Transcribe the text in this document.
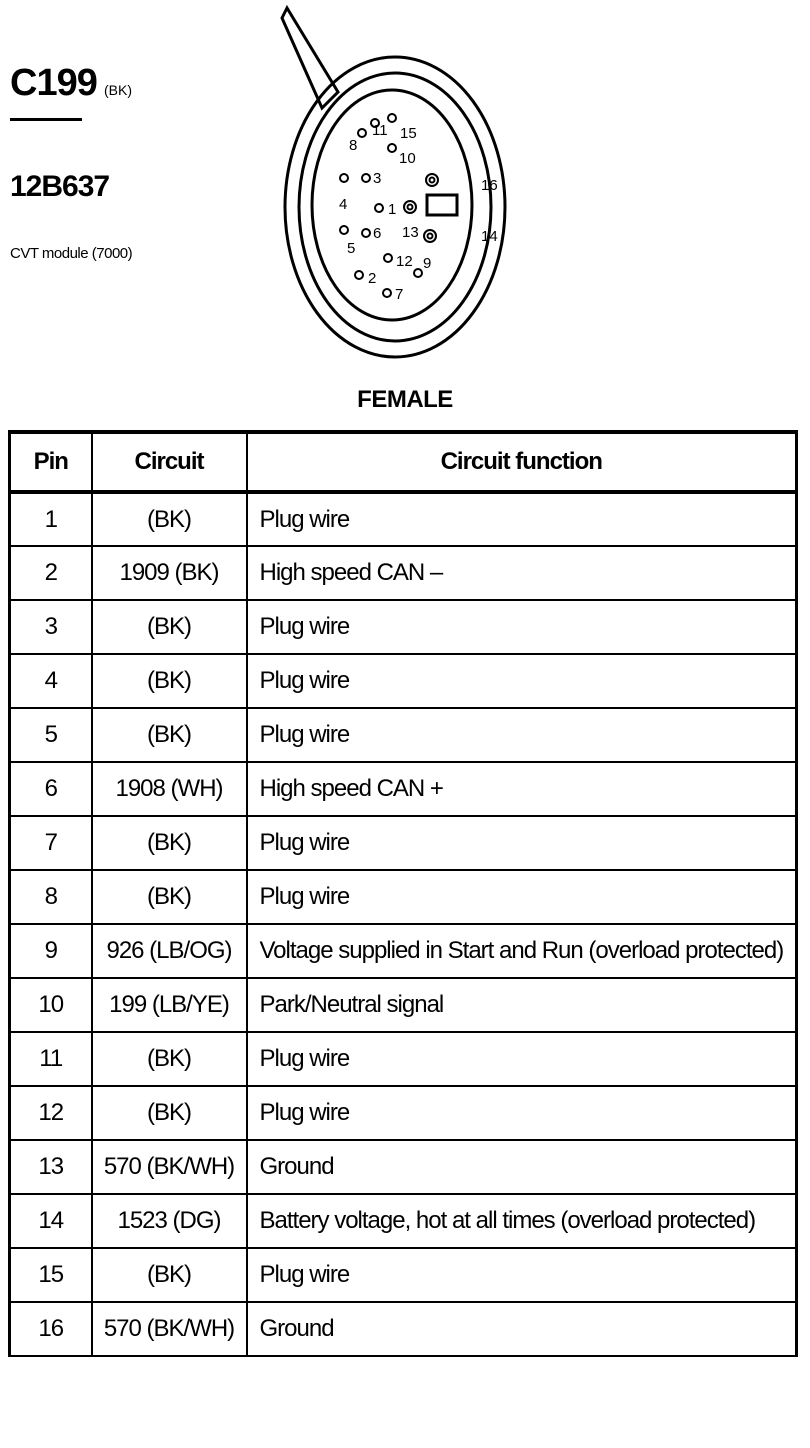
C199 (BK)
12B637
CVT module (7000)
1
2
3
4
5
6
7
8
9
10
11
12
13	14
15
16
FEMALE
Pin	Circuit	Circuit function
1	(BK)	Plug wire
2	1909 (BK)	High speed CAN –
3	(BK)	Plug wire
4	(BK)	Plug wire
5	(BK)	Plug wire
6	1908 (WH)	High speed CAN +
7	(BK)	Plug wire
8	(BK)	Plug wire
9	926 (LB/OG)	Voltage supplied in Start and Run (overload protected)
10	199 (LB/YE)	Park/Neutral signal
11	(BK)	Plug wire
12	(BK)	Plug wire
13	570 (BK/WH)	Ground
14	1523 (DG)	Battery voltage, hot at all times (overload protected)
15	(BK)	Plug wire
16	570 (BK/WH)	Ground
